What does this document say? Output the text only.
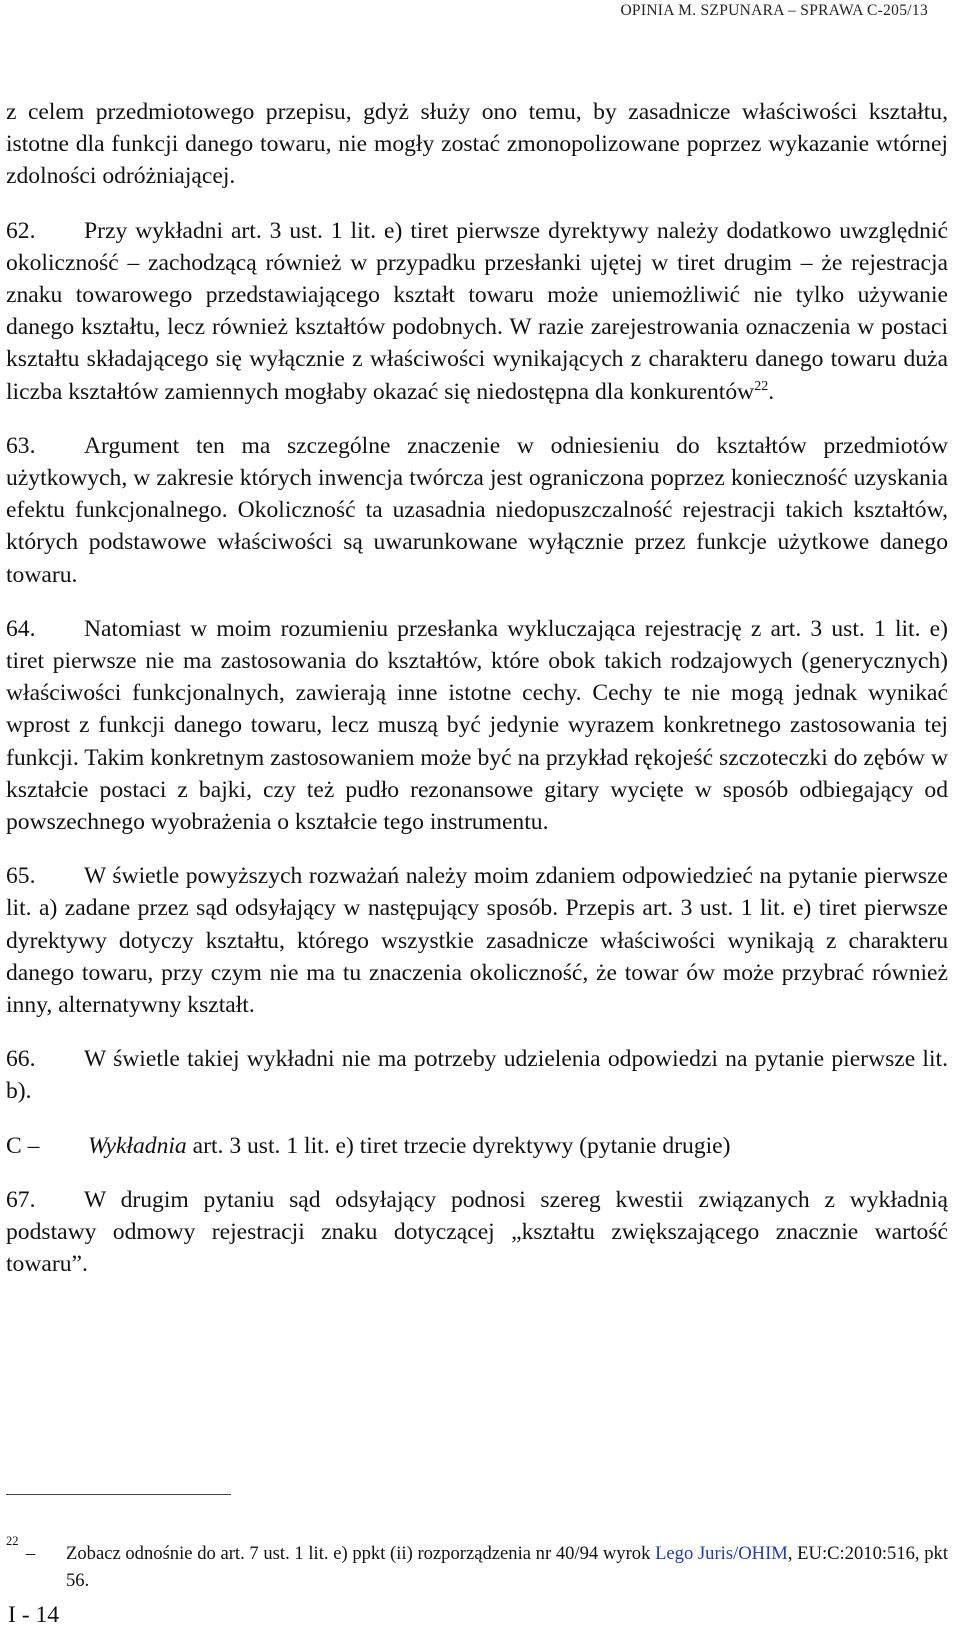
OPINIA M. SZPUNARA – SPRAWA C-205/13

z celem przedmiotowego przepisu, gdyż służy ono temu, by zasadnicze właściwości kształtu, istotne dla funkcji danego towaru, nie mogły zostać zmonopolizowane poprzez wykazanie wtórnej zdolności odróżniającej.

62. Przy wykładni art. 3 ust. 1 lit. e) tiret pierwsze dyrektywy należy dodatkowo uwzględnić okoliczność – zachodzącą również w przypadku przesłanki ujętej w tiret drugim – że rejestracja znaku towarowego przedstawiającego kształt towaru może uniemożliwić nie tylko używanie danego kształtu, lecz również kształtów podobnych. W razie zarejestrowania oznaczenia w postaci kształtu składającego się wyłącznie z właściwości wynikających z charakteru danego towaru duża liczba kształtów zamiennych mogłaby okazać się niedostępna dla konkurentów$^{22}$.

63. Argument ten ma szczególne znaczenie w odniesieniu do kształtów przedmiotów użytkowych, w zakresie których inwencja twórcza jest ograniczona poprzez konieczność uzyskania efektu funkcjonalnego. Okoliczność ta uzasadnia niedopuszczalność rejestracji takich kształtów, których podstawowe właściwości są uwarunkowane wyłącznie przez funkcje użytkowe danego towaru.

64. Natomiast w moim rozumieniu przesłanka wykluczająca rejestrację z art. 3 ust. 1 lit. e) tiret pierwsze nie ma zastosowania do kształtów, które obok takich rodzajowych (generycznych) właściwości funkcjonalnych, zawierają inne istotne cechy. Cechy te nie mogą jednak wynikać wprost z funkcji danego towaru, lecz muszą być jedynie wyrazem konkretnego zastosowania tej funkcji. Takim konkretnym zastosowaniem może być na przykład rękojeść szczoteczki do zębów w kształcie postaci z bajki, czy też pudło rezonansowe gitary wycięte w sposób odbiegający od powszechnego wyobrażenia o kształcie tego instrumentu.

65. W świetle powyższych rozważań należy moim zdaniem odpowiedzieć na pytanie pierwsze lit. a) zadane przez sąd odsyłający w następujący sposób. Przepis art. 3 ust. 1 lit. e) tiret pierwsze dyrektywy dotyczy kształtu, którego wszystkie zasadnicze właściwości wynikają z charakteru danego towaru, przy czym nie ma tu znaczenia okoliczność, że towar ów może przybrać również inny, alternatywny kształt.

66. W świetle takiej wykładni nie ma potrzeby udzielenia odpowiedzi na pytanie pierwsze lit. b).

C – Wykładnia art. 3 ust. 1 lit. e) tiret trzecie dyrektywy (pytanie drugie)

67. W drugim pytaniu sąd odsyłający podnosi szereg kwestii związanych z wykładnią podstawy odmowy rejestracji znaku dotyczącej „kształtu zwiększającego znacznie wartość towaru”.

22
– Zobacz odnośnie do art. 7 ust. 1 lit. e) ppkt (ii) rozporządzenia nr 40/94 wyrok Lego Juris/OHIM, EU:C:2010:516, pkt 56.
I - 14
